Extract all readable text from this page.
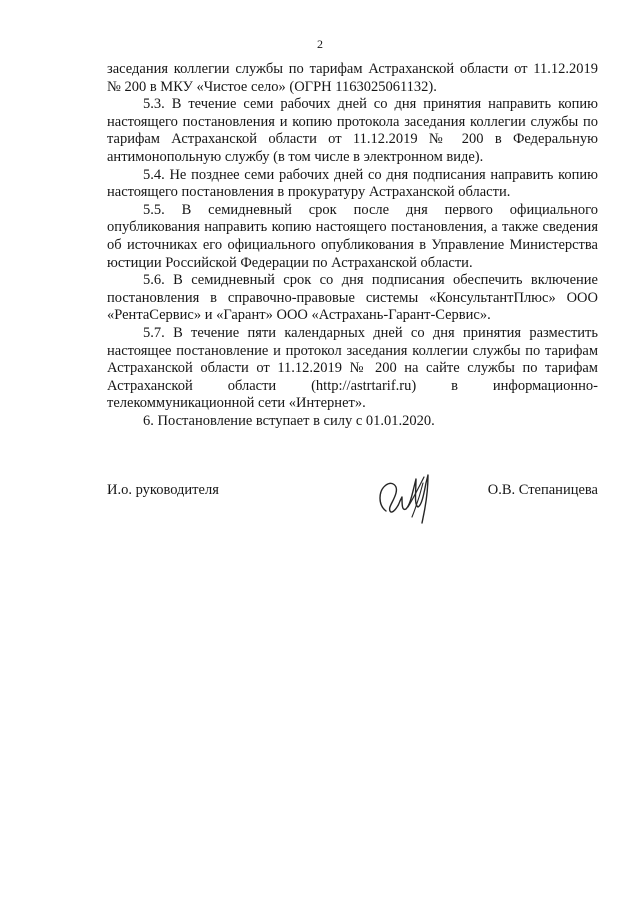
2

заседания коллегии службы по тарифам Астраханской области от 11.12.2019 № 200 в МКУ «Чистое село» (ОГРН 1163025061132).

5.3. В течение семи рабочих дней со дня принятия направить копию настоящего постановления и копию протокола заседания коллегии службы по тарифам Астраханской области от 11.12.2019 № 200 в Федеральную антимонопольную службу (в том числе в электронном виде).

5.4. Не позднее семи рабочих дней со дня подписания направить копию настоящего постановления в прокуратуру Астраханской области.

5.5. В семидневный срок после дня первого официального опубликования направить копию настоящего постановления, а также сведения об источниках его официального опубликования в Управление Министерства юстиции Российской Федерации по Астраханской области.

5.6. В семидневный срок со дня подписания обеспечить включение постановления в справочно-правовые системы «КонсультантПлюс» ООО «РентаСервис» и «Гарант» ООО «Астрахань-Гарант-Сервис».

5.7. В течение пяти календарных дней со дня принятия разместить настоящее постановление и протокол заседания коллегии службы по тарифам Астраханской области от 11.12.2019 № 200 на сайте службы по тарифам Астраханской области (http://astrtarif.ru) в информационно-телекоммуникационной сети «Интернет».

6. Постановление вступает в силу с 01.01.2020.

И.о. руководителя	О.В. Степаницева
